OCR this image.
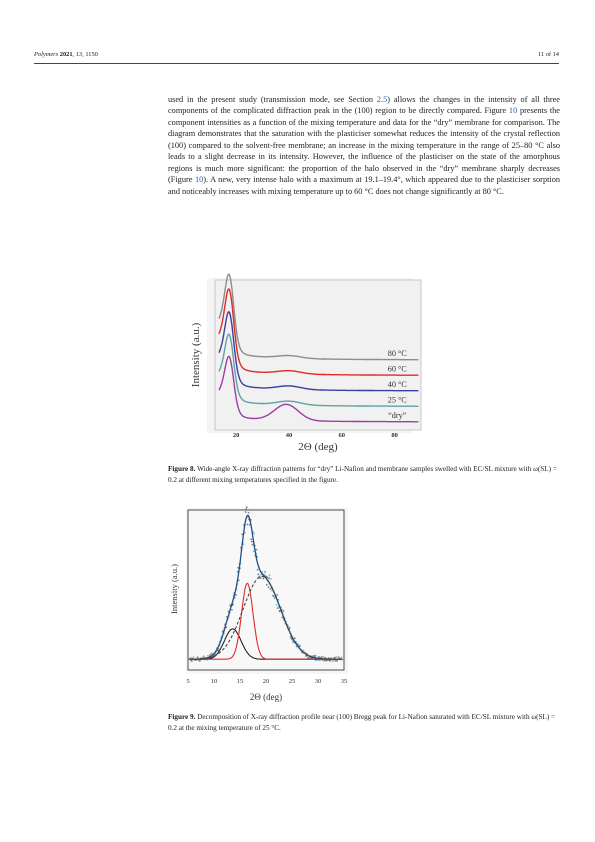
Polymers 2021, 13, 1150	11 of 14

used in the present study (transmission mode, see Section 2.5) allows the changes in the intensity of all three components of the complicated diffraction peak in the (100) region to be directly compared. Figure 10 presents the component intensities as a function of the mixing temperature and data for the “dry” membrane for comparison. The diagram demonstrates that the saturation with the plasticiser somewhat reduces the intensity of the crystal reflection (100) compared to the solvent-free membrane; an increase in the mixing temperature in the range of 25–80 °C also leads to a slight decrease in its intensity. However, the influence of the plasticiser on the state of the amorphous regions is much more significant: the proportion of the halo observed in the “dry” membrane sharply decreases (Figure 10). A new, very intense halo with a maximum at 19.1–19.4°, which appeared due to the plasticiser sorption and noticeably increases with mixing temperature up to 60 °C does not change significantly at 80 °C.

Intensity (a.u.)
2Θ (deg)
20	40	60	80
80 °C
60 °C
40 °C
25 °C
“dry”

Figure 8. Wide-angle X-ray diffraction patterns for “dry” Li-Nafion and membrane samples swelled with EC/SL mixture with ω(SL) = 0.2 at different mixing temperatures specified in the figure.

Intensity (a.u.)
2Θ (deg)
5	10	15	20	25	30	35

Figure 9. Decomposition of X-ray diffraction profile near (100) Bregg peak for Li-Nafion saturated with EC/SL mixture with ω(SL) = 0.2 at the mixing temperature of 25 °C.
